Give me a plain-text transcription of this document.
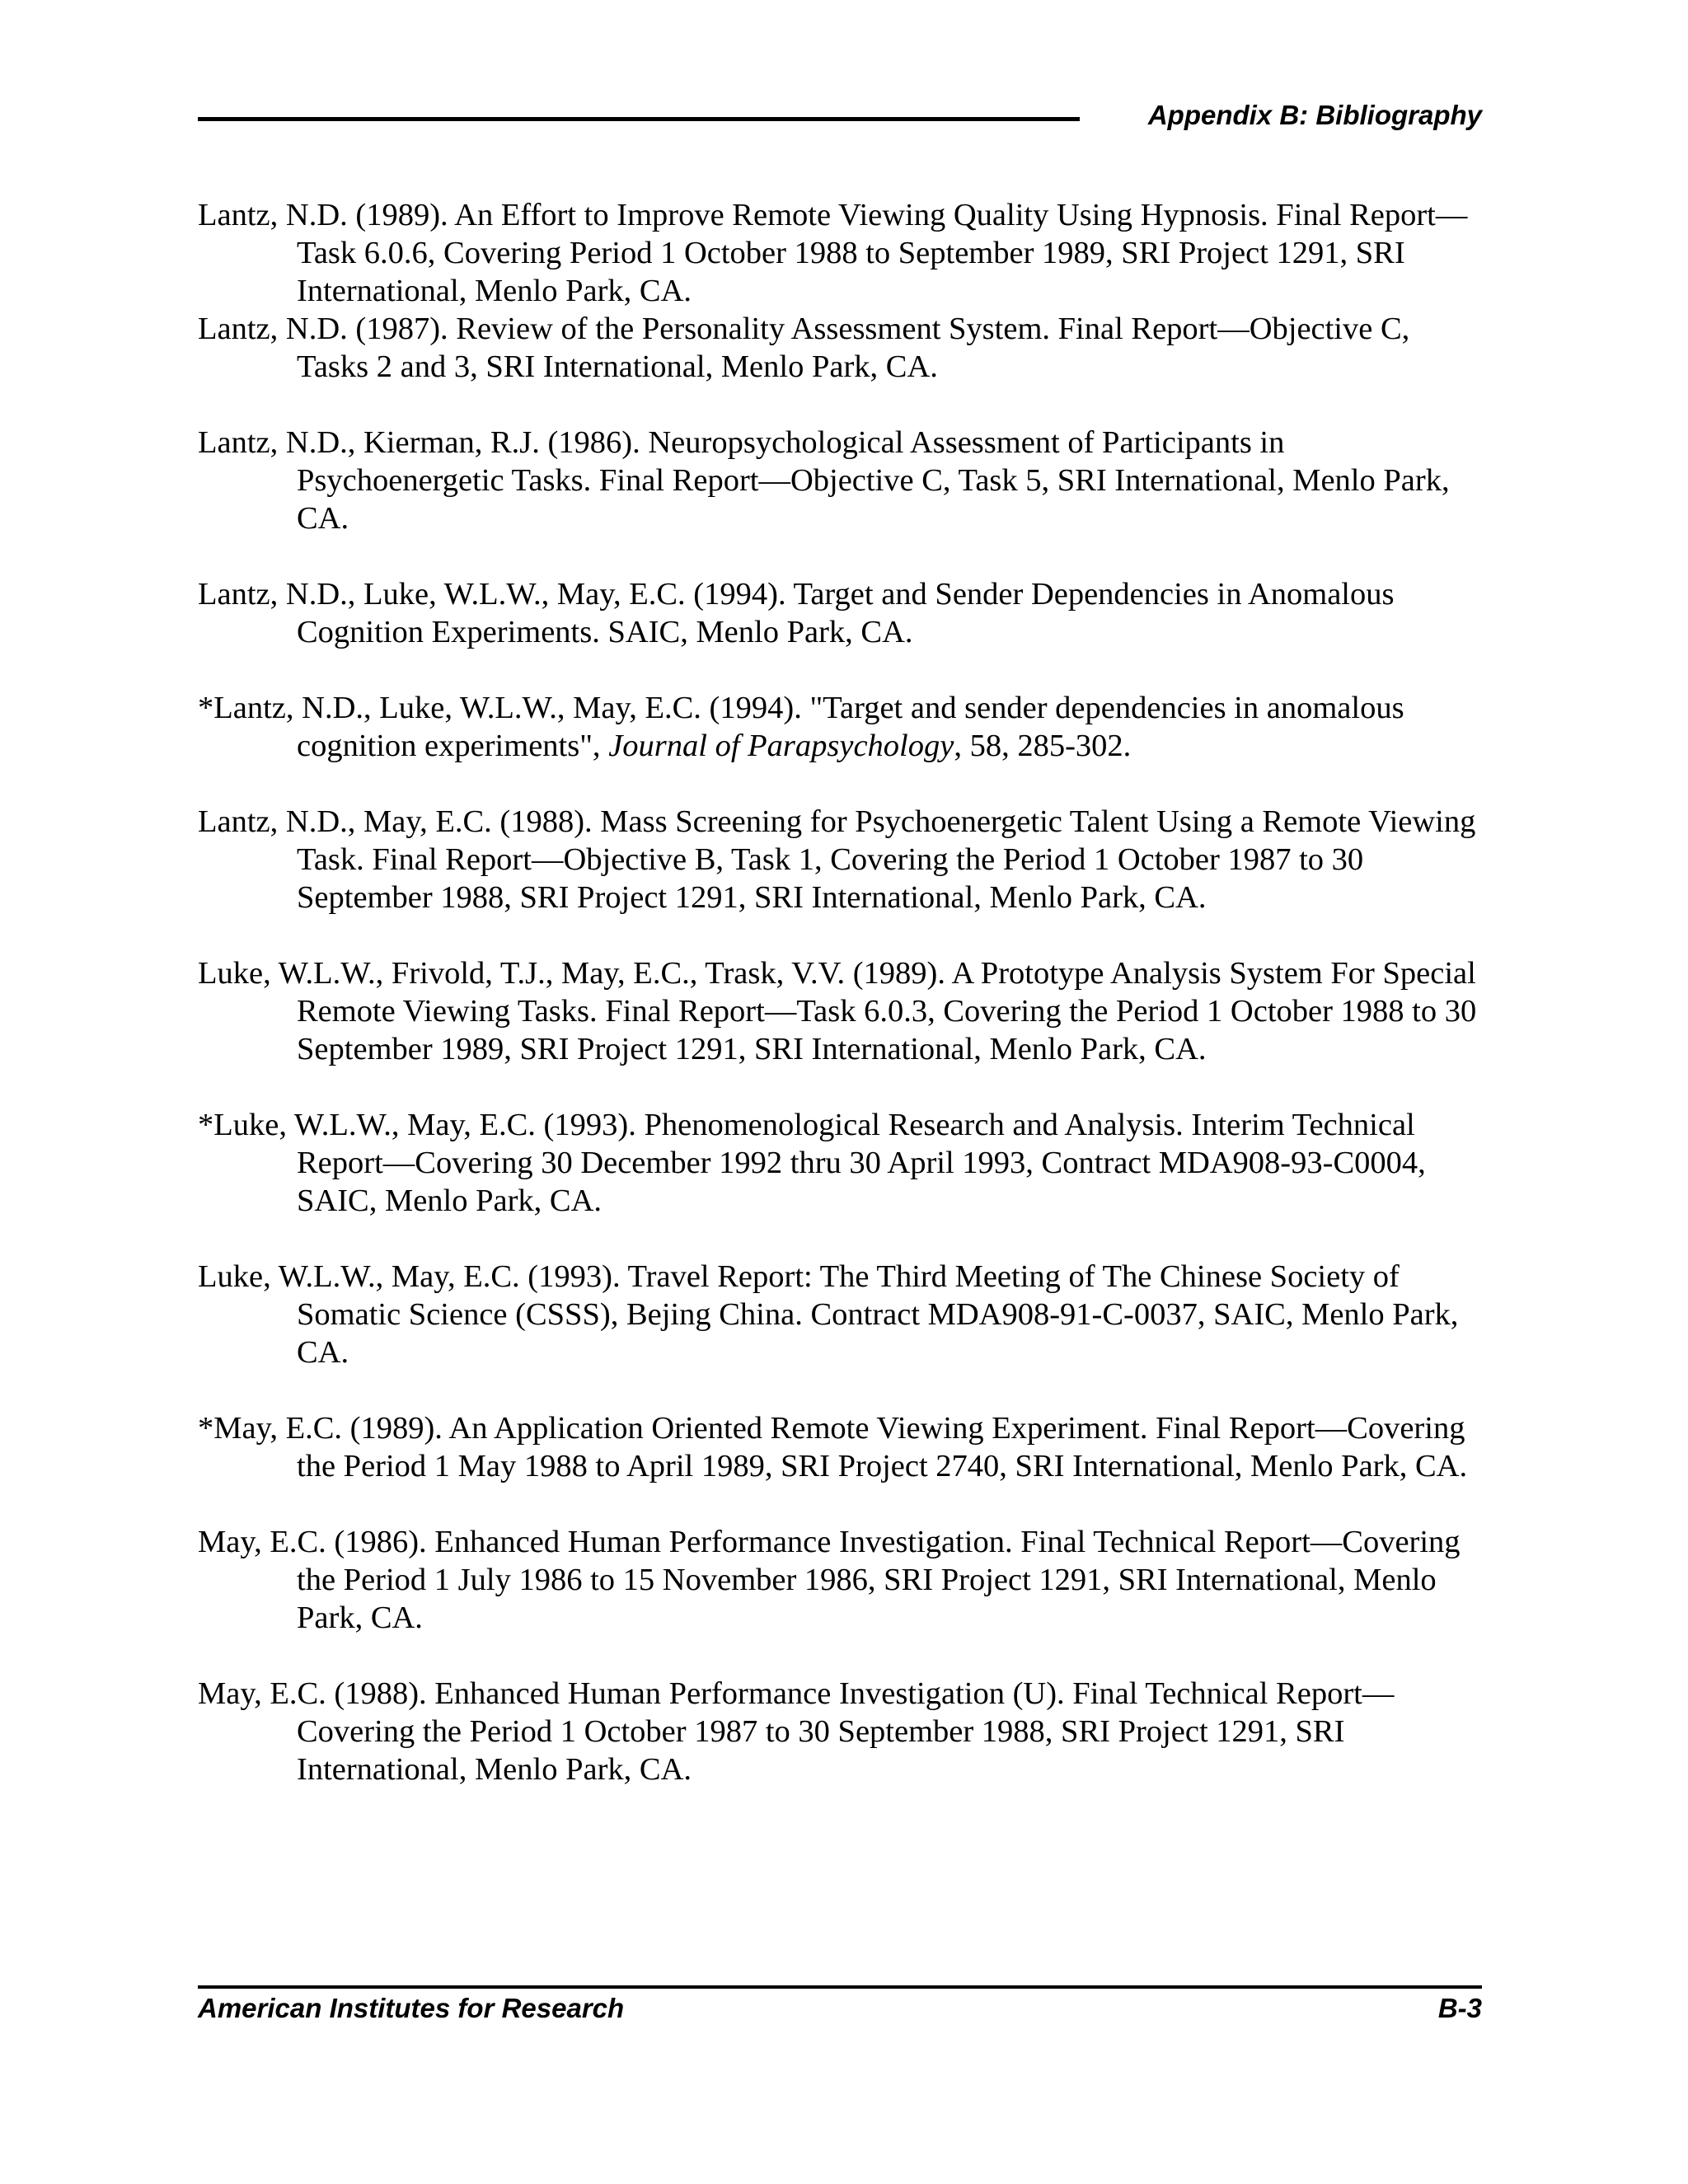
Appendix B: Bibliography

Lantz, N.D. (1989). An Effort to Improve Remote Viewing Quality Using Hypnosis. Final Report—Task 6.0.6, Covering Period 1 October 1988 to September 1989, SRI Project 1291, SRI International, Menlo Park, CA.

Lantz, N.D. (1987). Review of the Personality Assessment System. Final Report—Objective C, Tasks 2 and 3, SRI International, Menlo Park, CA.

Lantz, N.D., Kierman, R.J. (1986). Neuropsychological Assessment of Participants in Psychoenergetic Tasks. Final Report—Objective C, Task 5, SRI International, Menlo Park, CA.

Lantz, N.D., Luke, W.L.W., May, E.C. (1994). Target and Sender Dependencies in Anomalous Cognition Experiments. SAIC, Menlo Park, CA.

*Lantz, N.D., Luke, W.L.W., May, E.C. (1994). "Target and sender dependencies in anomalous cognition experiments", Journal of Parapsychology, 58, 285-302.

Lantz, N.D., May, E.C. (1988). Mass Screening for Psychoenergetic Talent Using a Remote Viewing Task. Final Report—Objective B, Task 1, Covering the Period 1 October 1987 to 30 September 1988, SRI Project 1291, SRI International, Menlo Park, CA.

Luke, W.L.W., Frivold, T.J., May, E.C., Trask, V.V. (1989). A Prototype Analysis System For Special Remote Viewing Tasks. Final Report—Task 6.0.3, Covering the Period 1 October 1988 to 30 September 1989, SRI Project 1291, SRI International, Menlo Park, CA.

*Luke, W.L.W., May, E.C. (1993). Phenomenological Research and Analysis. Interim Technical Report—Covering 30 December 1992 thru 30 April 1993, Contract MDA908-93-C0004, SAIC, Menlo Park, CA.

Luke, W.L.W., May, E.C. (1993). Travel Report: The Third Meeting of The Chinese Society of Somatic Science (CSSS), Bejing China. Contract MDA908-91-C-0037, SAIC, Menlo Park, CA.

*May, E.C. (1989). An Application Oriented Remote Viewing Experiment. Final Report—Covering the Period 1 May 1988 to April 1989, SRI Project 2740, SRI International, Menlo Park, CA.

May, E.C. (1986). Enhanced Human Performance Investigation. Final Technical Report—Covering the Period 1 July 1986 to 15 November 1986, SRI Project 1291, SRI International, Menlo Park, CA.

May, E.C. (1988). Enhanced Human Performance Investigation (U). Final Technical Report—Covering the Period 1 October 1987 to 30 September 1988, SRI Project 1291, SRI International, Menlo Park, CA.

American Institutes for Research	B-3
